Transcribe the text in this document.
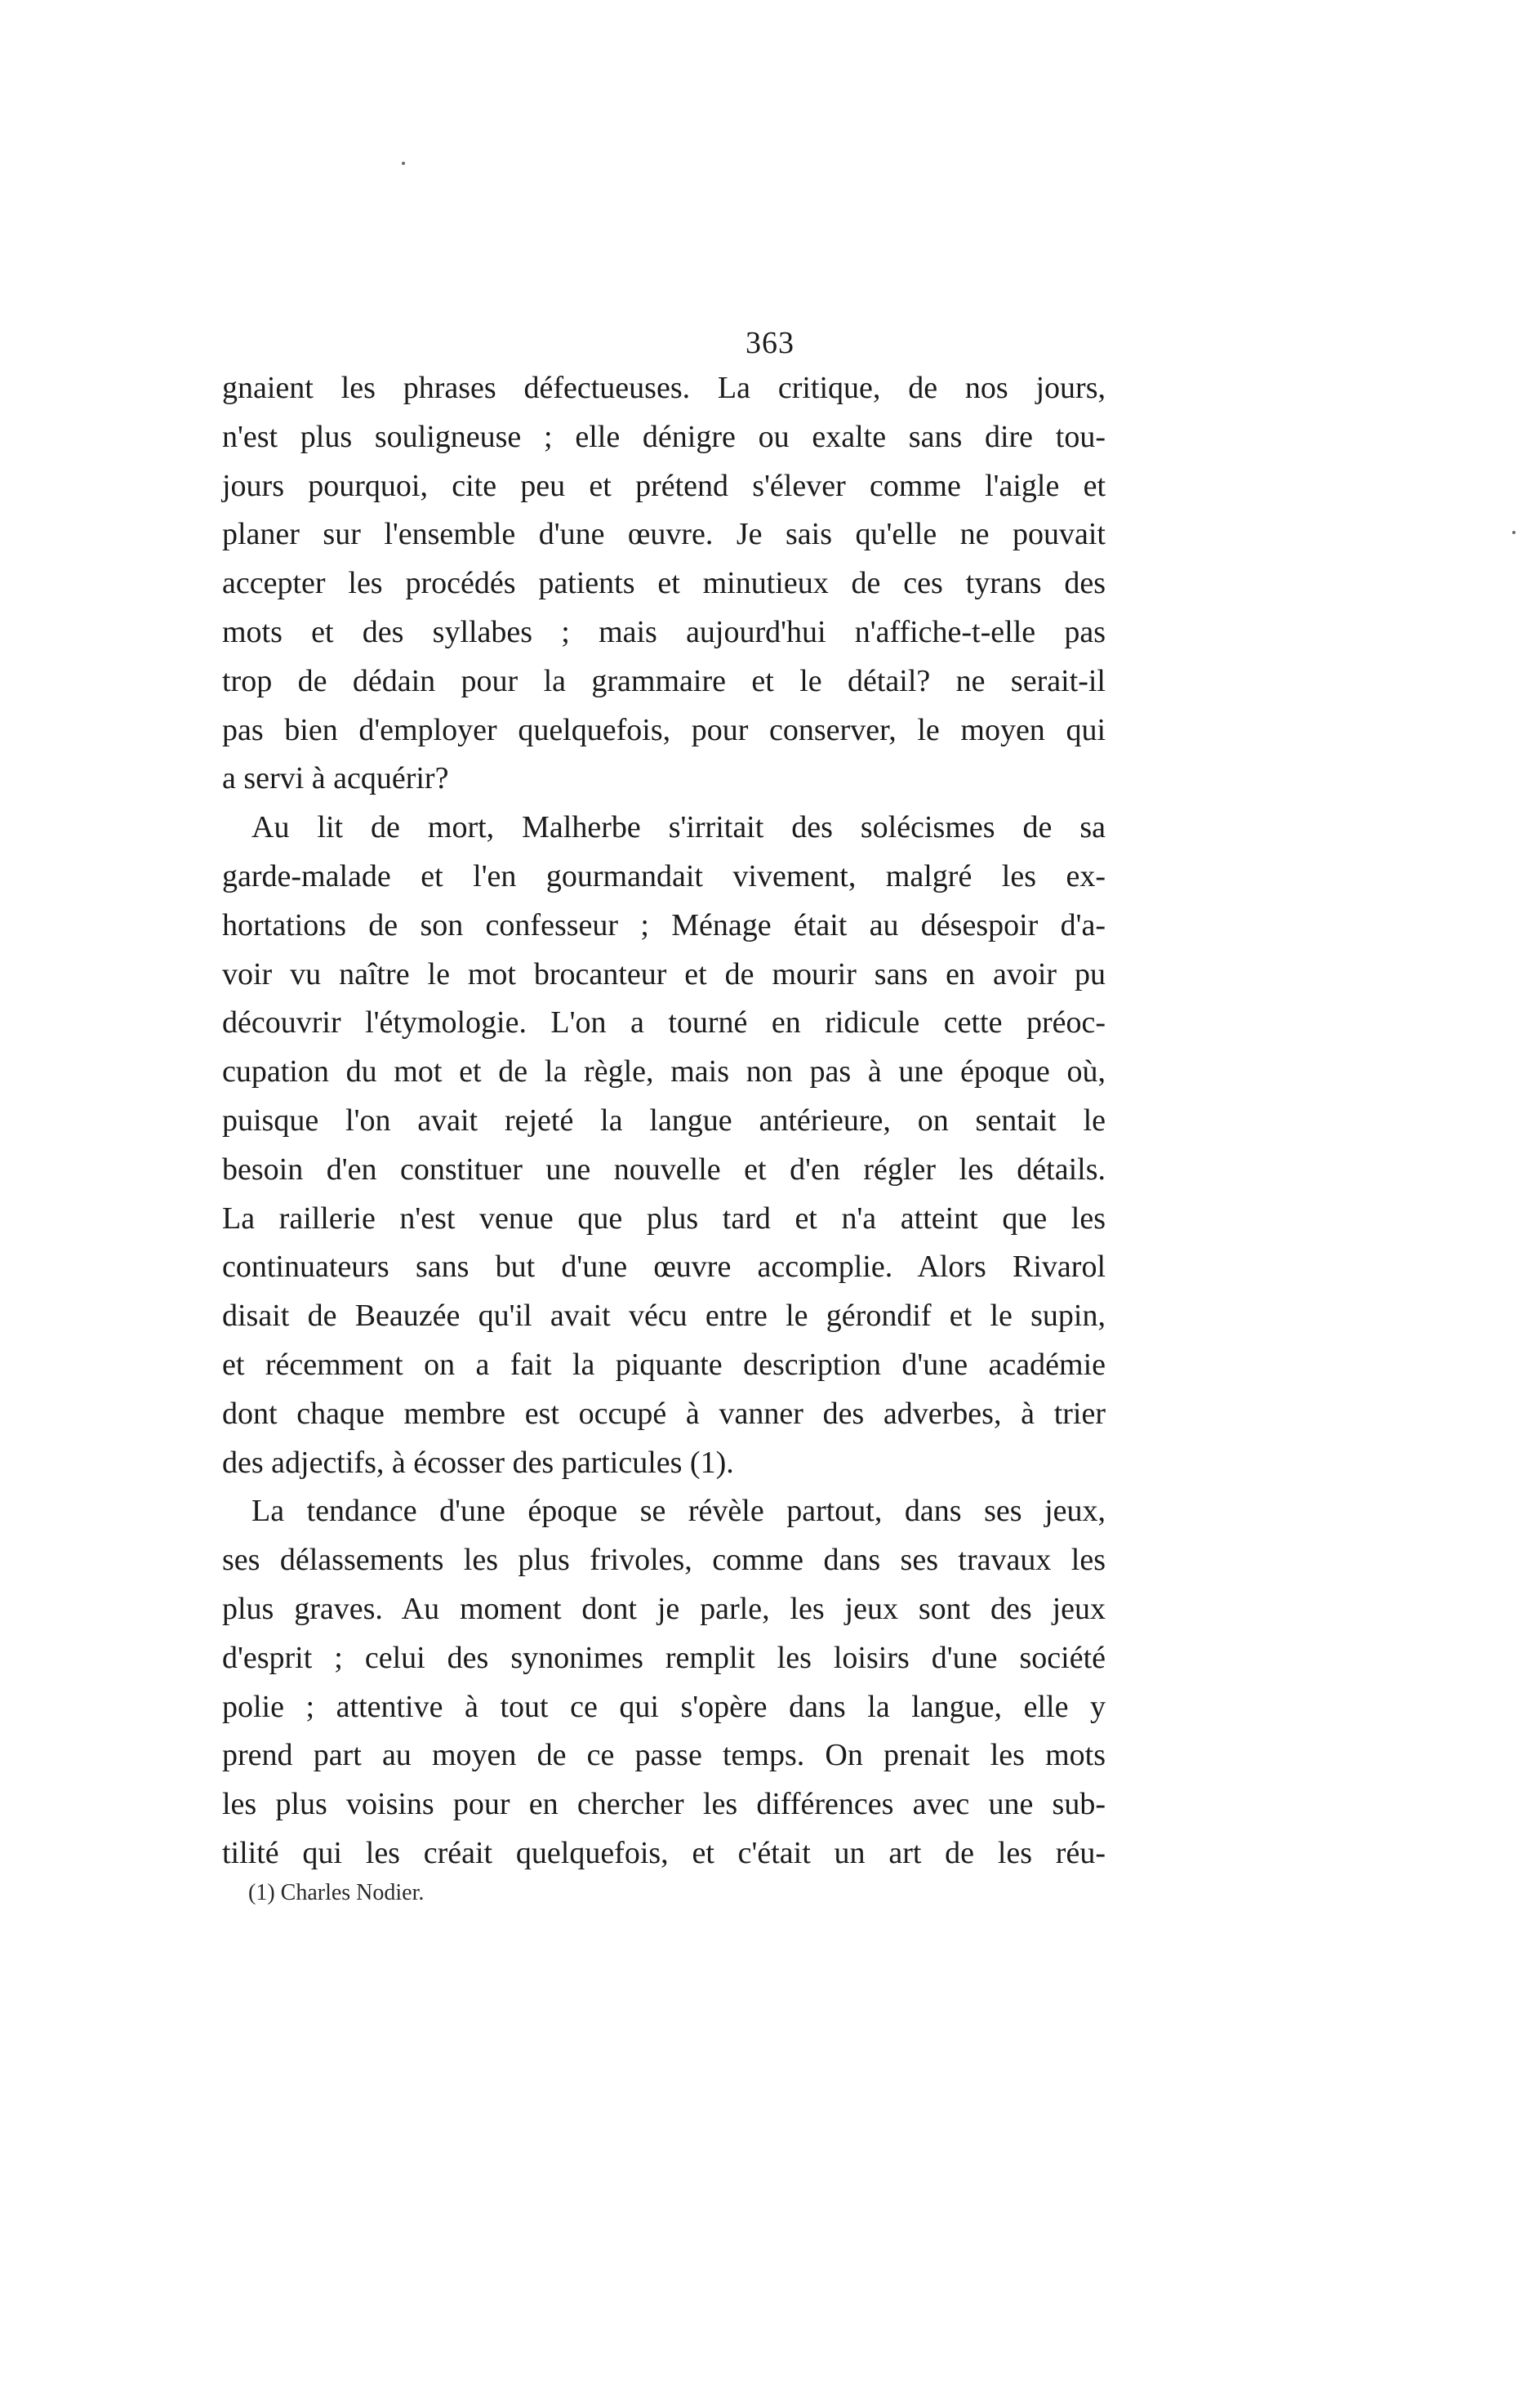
363
gnaient les phrases défectueuses. La critique, de nos jours,
n'est plus souligneuse ; elle dénigre ou exalte sans dire tou-
jours pourquoi, cite peu et prétend s'élever comme l'aigle et
planer sur l'ensemble d'une œuvre. Je sais qu'elle ne pouvait
accepter les procédés patients et minutieux de ces tyrans des
mots et des syllabes ; mais aujourd'hui n'affiche-t-elle pas
trop de dédain pour la grammaire et le détail? ne serait-il
pas bien d'employer quelquefois, pour conserver, le moyen qui
a servi à acquérir?
Au lit de mort, Malherbe s'irritait des solécismes de sa
garde-malade et l'en gourmandait vivement, malgré les ex-
hortations de son confesseur ; Ménage était au désespoir d'a-
voir vu naître le mot brocanteur et de mourir sans en avoir pu
découvrir l'étymologie. L'on a tourné en ridicule cette préoc-
cupation du mot et de la règle, mais non pas à une époque où,
puisque l'on avait rejeté la langue antérieure, on sentait le
besoin d'en constituer une nouvelle et d'en régler les détails.
La raillerie n'est venue que plus tard et n'a atteint que les
continuateurs sans but d'une œuvre accomplie. Alors Rivarol
disait de Beauzée qu'il avait vécu entre le gérondif et le supin,
et récemment on a fait la piquante description d'une académie
dont chaque membre est occupé à vanner des adverbes, à trier
des adjectifs, à écosser des particules (1).
La tendance d'une époque se révèle partout, dans ses jeux,
ses délassements les plus frivoles, comme dans ses travaux les
plus graves. Au moment dont je parle, les jeux sont des jeux
d'esprit ; celui des synonimes remplit les loisirs d'une société
polie ; attentive à tout ce qui s'opère dans la langue, elle y
prend part au moyen de ce passe temps. On prenait les mots
les plus voisins pour en chercher les différences avec une sub-
tilité qui les créait quelquefois, et c'était un art de les réu-
(1) Charles Nodier.
